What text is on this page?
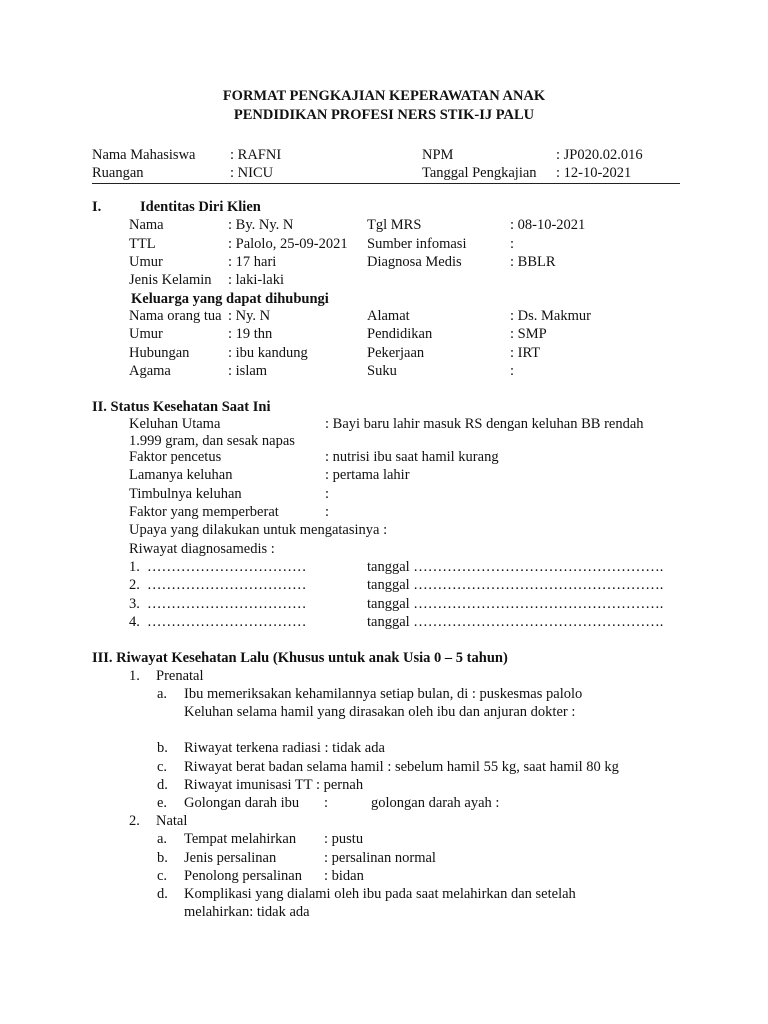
FORMAT PENGKAJIAN KEPERAWATAN ANAK
PENDIDIKAN PROFESI NERS STIK-IJ PALU
Nama Mahasiswa : RAFNI	NPM	: JP020.02.016
Ruangan	: NICU	Tanggal Pengkajian : 12-10-2021
I.	Identitas Diri Klien
Nama	: By. Ny. N	Tgl MRS	: 08-10-2021
TTL	: Palolo, 25-09-2021 Sumber infomasi	:
Umur	: 17 hari	Diagnosa Medis	: BBLR
Jenis Kelamin : laki-laki
Keluarga yang dapat dihubungi
Nama orang tua : Ny. N	Alamat	: Ds. Makmur
Umur	: 19 thn	Pendidikan	: SMP
Hubungan	: ibu kandung	Pekerjaan	: IRT
Agama	: islam	Suku	:
II. Status Kesehatan Saat Ini
Keluhan Utama	: Bayi baru lahir masuk RS dengan keluhan BB rendah
1.999 gram, dan sesak napas
Faktor pencetus	: nutrisi ibu saat hamil kurang
Lamanya keluhan	: pertama lahir
Timbulnya keluhan	:
Faktor yang memperberat	:
Upaya yang dilakukan untuk mengatasinya :
Riwayat diagnosamedis :
1. ……………………………	tanggal …………………………………………….
2. ……………………………	tanggal …………………………………………….
3. ……………………………	tanggal …………………………………………….
4. ……………………………	tanggal …………………………………………….
III. Riwayat Kesehatan Lalu (Khusus untuk anak Usia 0 – 5 tahun)
1. Prenatal
a. Ibu memeriksakan kehamilannya setiap bulan, di : puskesmas palolo
Keluhan selama hamil yang dirasakan oleh ibu dan anjuran dokter :
b. Riwayat terkena radiasi : tidak ada
c. Riwayat berat badan selama hamil : sebelum hamil 55 kg, saat hamil 80 kg
d. Riwayat imunisasi TT : pernah
e. Golongan darah ibu :	golongan darah ayah :
2. Natal
a. Tempat melahirkan : pustu
b. Jenis persalinan	: persalinan normal
c. Penolong persalinan : bidan
d. Komplikasi yang dialami oleh ibu pada saat melahirkan dan setelah
melahirkan: tidak ada
